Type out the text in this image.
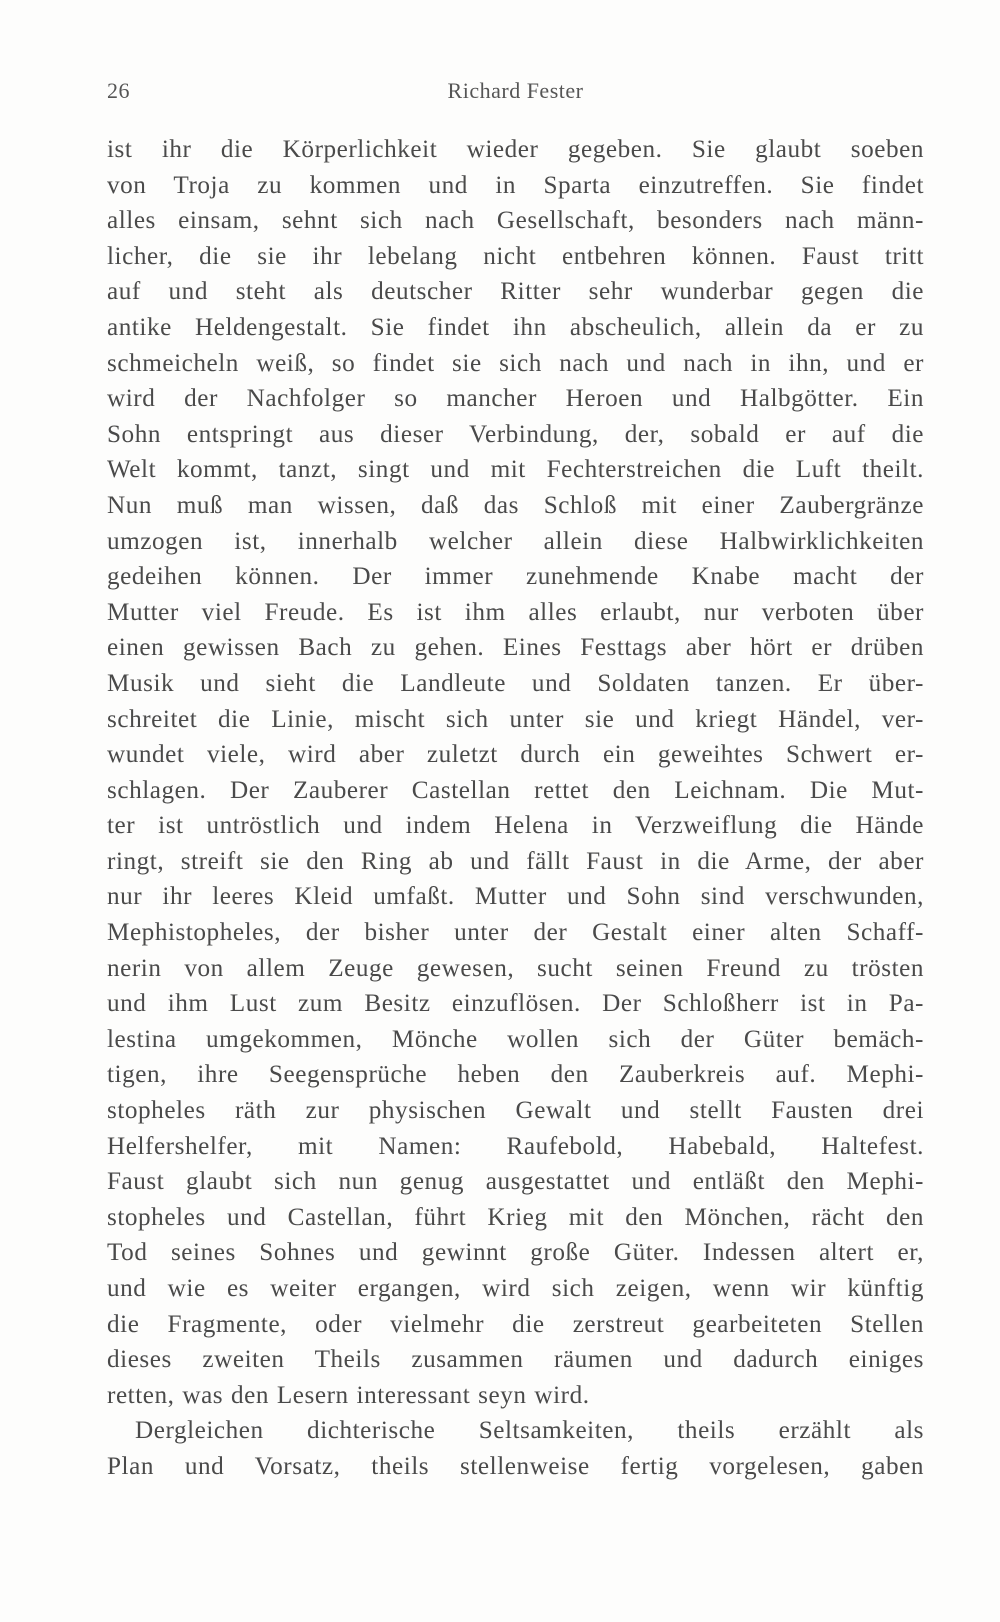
26	Richard Fester
ist ihr die Körperlichkeit wieder gegeben. Sie glaubt soeben
von Troja zu kommen und in Sparta einzutreffen. Sie findet
alles einsam, sehnt sich nach Gesellschaft, besonders nach männ-
licher, die sie ihr lebelang nicht entbehren können. Faust tritt
auf und steht als deutscher Ritter sehr wunderbar gegen die
antike Heldengestalt. Sie findet ihn abscheulich, allein da er zu
schmeicheln weiß, so findet sie sich nach und nach in ihn, und er
wird der Nachfolger so mancher Heroen und Halbgötter. Ein
Sohn entspringt aus dieser Verbindung, der, sobald er auf die
Welt kommt, tanzt, singt und mit Fechterstreichen die Luft theilt.
Nun muß man wissen, daß das Schloß mit einer Zaubergränze
umzogen ist, innerhalb welcher allein diese Halbwirklichkeiten
gedeihen können. Der immer zunehmende Knabe macht der
Mutter viel Freude. Es ist ihm alles erlaubt, nur verboten über
einen gewissen Bach zu gehen. Eines Festtags aber hört er drüben
Musik und sieht die Landleute und Soldaten tanzen. Er über-
schreitet die Linie, mischt sich unter sie und kriegt Händel, ver-
wundet viele, wird aber zuletzt durch ein geweihtes Schwert er-
schlagen. Der Zauberer Castellan rettet den Leichnam. Die Mut-
ter ist untröstlich und indem Helena in Verzweiflung die Hände
ringt, streift sie den Ring ab und fällt Faust in die Arme, der aber
nur ihr leeres Kleid umfaßt. Mutter und Sohn sind verschwunden,
Mephistopheles, der bisher unter der Gestalt einer alten Schaff-
nerin von allem Zeuge gewesen, sucht seinen Freund zu trösten
und ihm Lust zum Besitz einzuflösen. Der Schloßherr ist in Pa-
lestina umgekommen, Mönche wollen sich der Güter bemäch-
tigen, ihre Seegensprüche heben den Zauberkreis auf. Mephi-
stopheles räth zur physischen Gewalt und stellt Fausten drei
Helfershelfer, mit Namen: Raufebold, Habebald, Haltefest.
Faust glaubt sich nun genug ausgestattet und entläßt den Mephi-
stopheles und Castellan, führt Krieg mit den Mönchen, rächt den
Tod seines Sohnes und gewinnt große Güter. Indessen altert er,
und wie es weiter ergangen, wird sich zeigen, wenn wir künftig
die Fragmente, oder vielmehr die zerstreut gearbeiteten Stellen
dieses zweiten Theils zusammen räumen und dadurch einiges
retten, was den Lesern interessant seyn wird.
Dergleichen dichterische Seltsamkeiten, theils erzählt als
Plan und Vorsatz, theils stellenweise fertig vorgelesen, gaben
